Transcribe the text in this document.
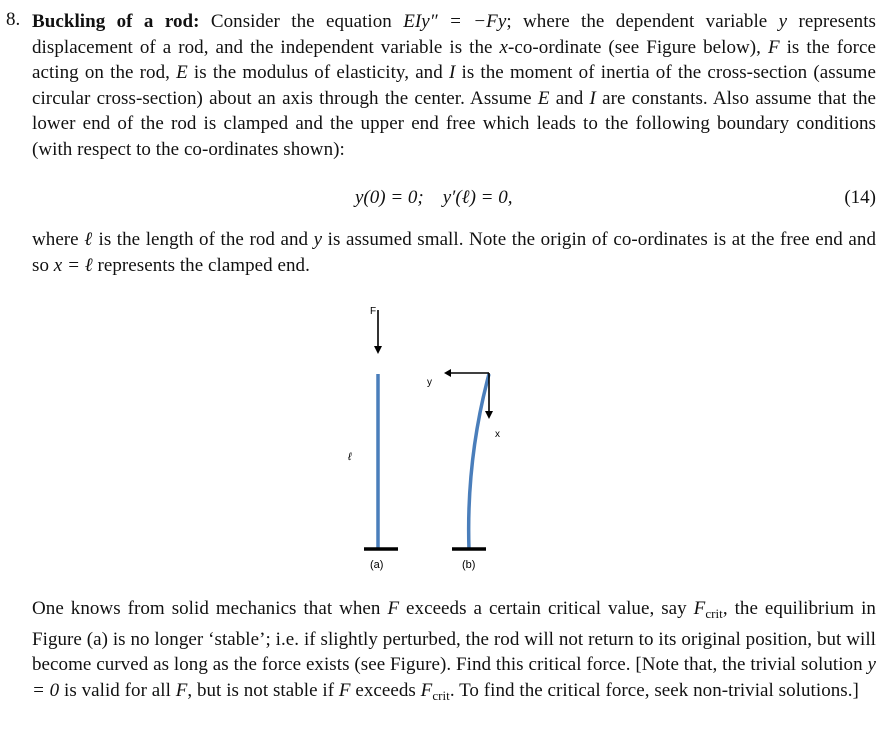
8. Buckling of a rod: Consider the equation EIy″ = −Fy; where the dependent variable y represents displacement of a rod, and the independent variable is the x-co-ordinate (see Figure below), F is the force acting on the rod, E is the modulus of elasticity, and I is the moment of inertia of the cross-section (assume circular cross-section) about an axis through the center. Assume E and I are constants. Also assume that the lower end of the rod is clamped and the upper end free which leads to the following boundary conditions (with respect to the co-ordinates shown):
y(0) = 0; y′(ℓ) = 0,	(14)
where ℓ is the length of the rod and y is assumed small. Note the origin of co-ordinates is at the free end and so x = ℓ represents the clamped end.
F
ℓ
(a)
y
x
(b)
One knows from solid mechanics that when F exceeds a certain critical value, say $F_{crit}$, the equilibrium in Figure (a) is no longer ‘stable’; i.e. if slightly perturbed, the rod will not return to its original position, but will become curved as long as the force exists (see Figure). Find this critical force. [Note that, the trivial solution y = 0 is valid for all F, but is not stable if F exceeds $F_{crit}$. To find the critical force, seek non-trivial solutions.]
